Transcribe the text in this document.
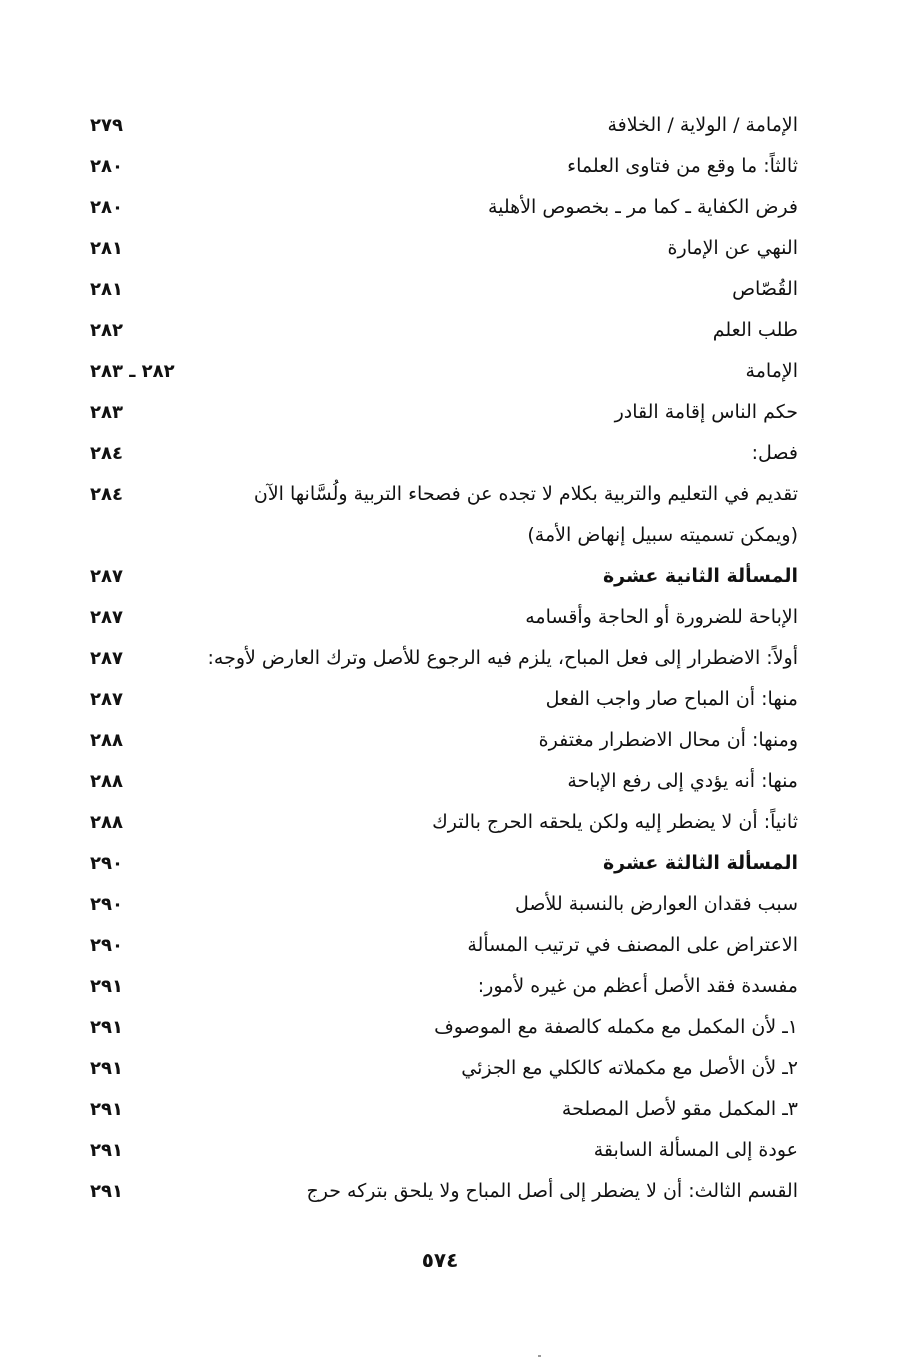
الإمامة / الولاية / الخلافة
٢٧٩
ثالثاً: ما وقع من فتاوى العلماء
٢٨٠
فرض الكفاية ـ كما مر ـ بخصوص الأهلية
٢٨٠
النهي عن الإمارة
٢٨١
القُصّاص
٢٨١
طلب العلم
٢٨٢
الإمامة
٢٨٢ ـ ٢٨٣
حكم الناس إقامة القادر
٢٨٣
فصل:
٢٨٤
تقديم في التعليم والتربية بكلام لا تجده عن فصحاء التربية ولُسَّانها الآن
٢٨٤
(ويمكن تسميته سبيل إنهاض الأمة)
المسألة الثانية عشرة
٢٨٧
الإباحة للضرورة أو الحاجة وأقسامه
٢٨٧
أولاً: الاضطرار إلى فعل المباح، يلزم فيه الرجوع للأصل وترك العارض لأوجه:
٢٨٧
منها: أن المباح صار واجب الفعل
٢٨٧
ومنها: أن محال الاضطرار مغتفرة
٢٨٨
منها: أنه يؤدي إلى رفع الإباحة
٢٨٨
ثانياً: أن لا يضطر إليه ولكن يلحقه الحرج بالترك
٢٨٨
المسألة الثالثة عشرة
٢٩٠
سبب فقدان العوارض بالنسبة للأصل
٢٩٠
الاعتراض على المصنف في ترتيب المسألة
٢٩٠
مفسدة فقد الأصل أعظم من غيره لأمور:
٢٩١
١ـ لأن المكمل مع مكمله كالصفة مع الموصوف
٢٩١
٢ـ لأن الأصل مع مكملاته كالكلي مع الجزئي
٢٩١
٣ـ المكمل مقو لأصل المصلحة
٢٩١
عودة إلى المسألة السابقة
٢٩١
القسم الثالث: أن لا يضطر إلى أصل المباح ولا يلحق بتركه حرج
٢٩١
٥٧٤
